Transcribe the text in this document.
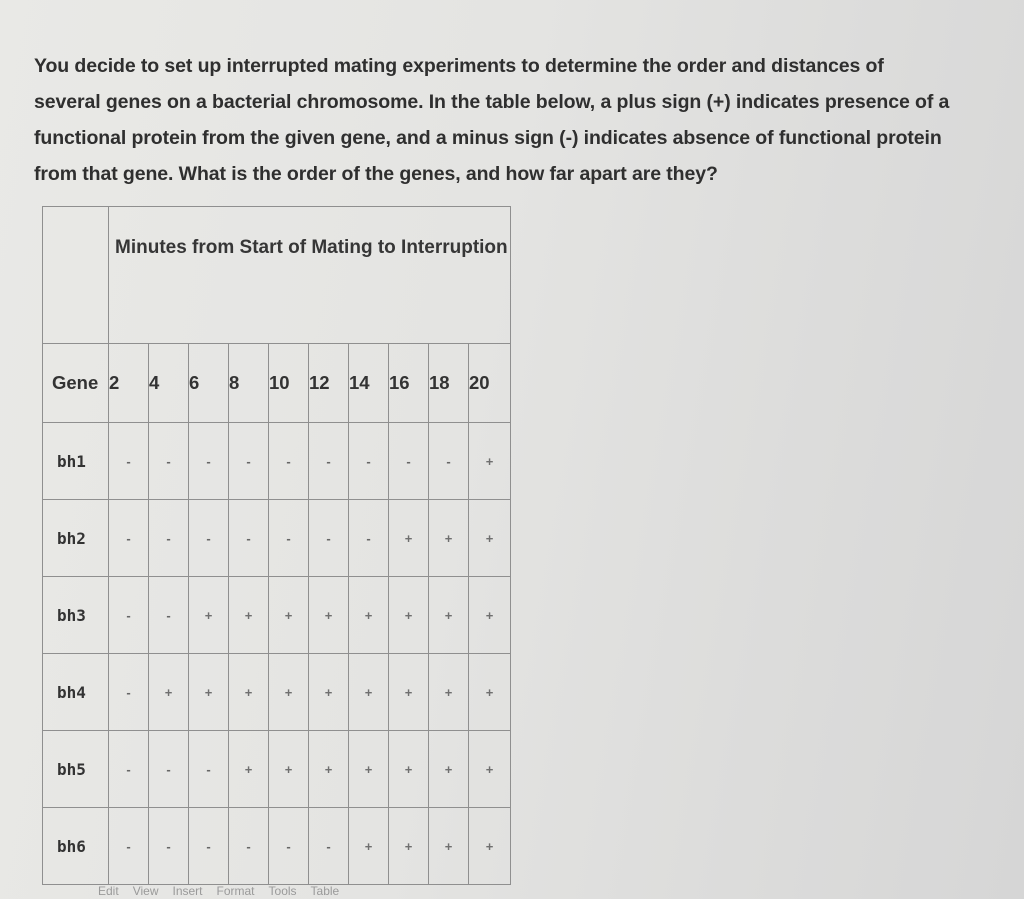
You decide to set up interrupted mating experiments to determine the order and distances of
several genes on a bacterial chromosome. In the table below, a plus sign (+) indicates presence of a
functional protein from the given gene, and a minus sign (-) indicates absence of functional protein
from that gene. What is the order of the genes, and how far apart are they?
	Minutes from Start of Mating to Interruption									
Gene	2	4	6	8	10	12	14	16	18	20
bh1	-	-	-	-	-	-	-	-	-	+
bh2	-	-	-	-	-	-	-	+	+	+
bh3	-	-	+	+	+	+	+	+	+	+
bh4	-	+	+	+	+	+	+	+	+	+
bh5	-	-	-	+	+	+	+	+	+	+
bh6	-	-	-	-	-	-	+	+	+	+
Edit View Insert Format Tools Table
